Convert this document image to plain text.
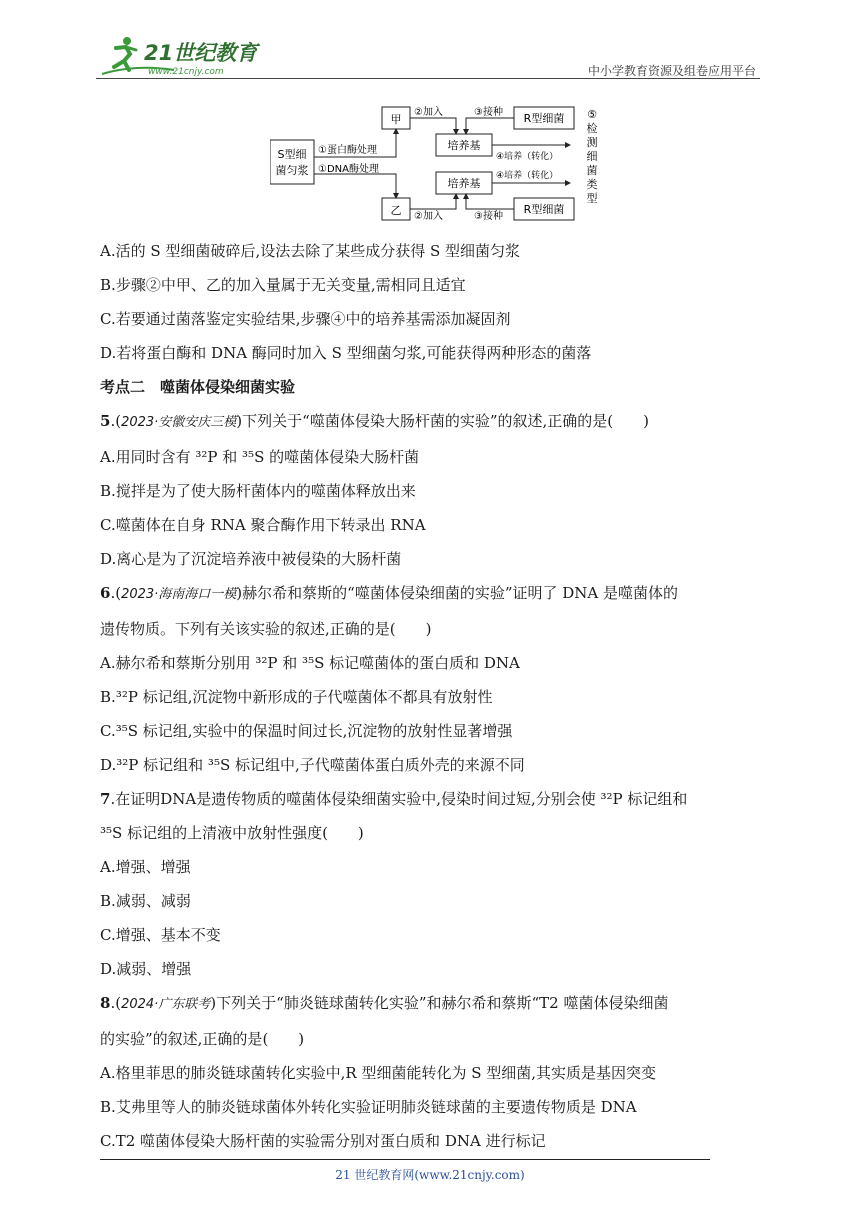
21世纪教育
www.21cnjy.com	中小学教育资源及组卷应用平台
S型细
菌匀浆
①蛋白酶处理
①DNA酶处理
甲
乙
②加入
②加入
③接种
③接种
培养基
培养基
R型细菌
R型细菌
④培养（转化）
④培养（转化）
⑤
检
测
细
菌
类
型
A.活的 S 型细菌破碎后,设法去除了某些成分获得 S 型细菌匀浆
B.步骤②中甲、乙的加入量属于无关变量,需相同且适宜
C.若要通过菌落鉴定实验结果,步骤④中的培养基需添加凝固剂
D.若将蛋白酶和 DNA 酶同时加入 S 型细菌匀浆,可能获得两种形态的菌落
考点二　噬菌体侵染细菌实验
5.(2023·安徽安庆三模)下列关于“噬菌体侵染大肠杆菌的实验”的叙述,正确的是(　　)
A.用同时含有 ³²P 和 ³⁵S 的噬菌体侵染大肠杆菌
B.搅拌是为了使大肠杆菌体内的噬菌体释放出来
C.噬菌体在自身 RNA 聚合酶作用下转录出 RNA
D.离心是为了沉淀培养液中被侵染的大肠杆菌
6.(2023·海南海口一模)赫尔希和蔡斯的“噬菌体侵染细菌的实验”证明了 DNA 是噬菌体的
遗传物质。下列有关该实验的叙述,正确的是(　　)
A.赫尔希和蔡斯分别用 ³²P 和 ³⁵S 标记噬菌体的蛋白质和 DNA
B.³²P 标记组,沉淀物中新形成的子代噬菌体不都具有放射性
C.³⁵S 标记组,实验中的保温时间过长,沉淀物的放射性显著增强
D.³²P 标记组和 ³⁵S 标记组中,子代噬菌体蛋白质外壳的来源不同
7.在证明DNA是遗传物质的噬菌体侵染细菌实验中,侵染时间过短,分别会使 ³²P 标记组和
³⁵S 标记组的上清液中放射性强度(　　)
A.增强、增强
B.减弱、减弱
C.增强、基本不变
D.减弱、增强
8.(2024·广东联考)下列关于“肺炎链球菌转化实验”和赫尔希和蔡斯“T2 噬菌体侵染细菌
的实验”的叙述,正确的是(　　)
A.格里菲思的肺炎链球菌转化实验中,R 型细菌能转化为 S 型细菌,其实质是基因突变
B.艾弗里等人的肺炎链球菌体外转化实验证明肺炎链球菌的主要遗传物质是 DNA
C.T2 噬菌体侵染大肠杆菌的实验需分别对蛋白质和 DNA 进行标记
21 世纪教育网(www.21cnjy.com)
